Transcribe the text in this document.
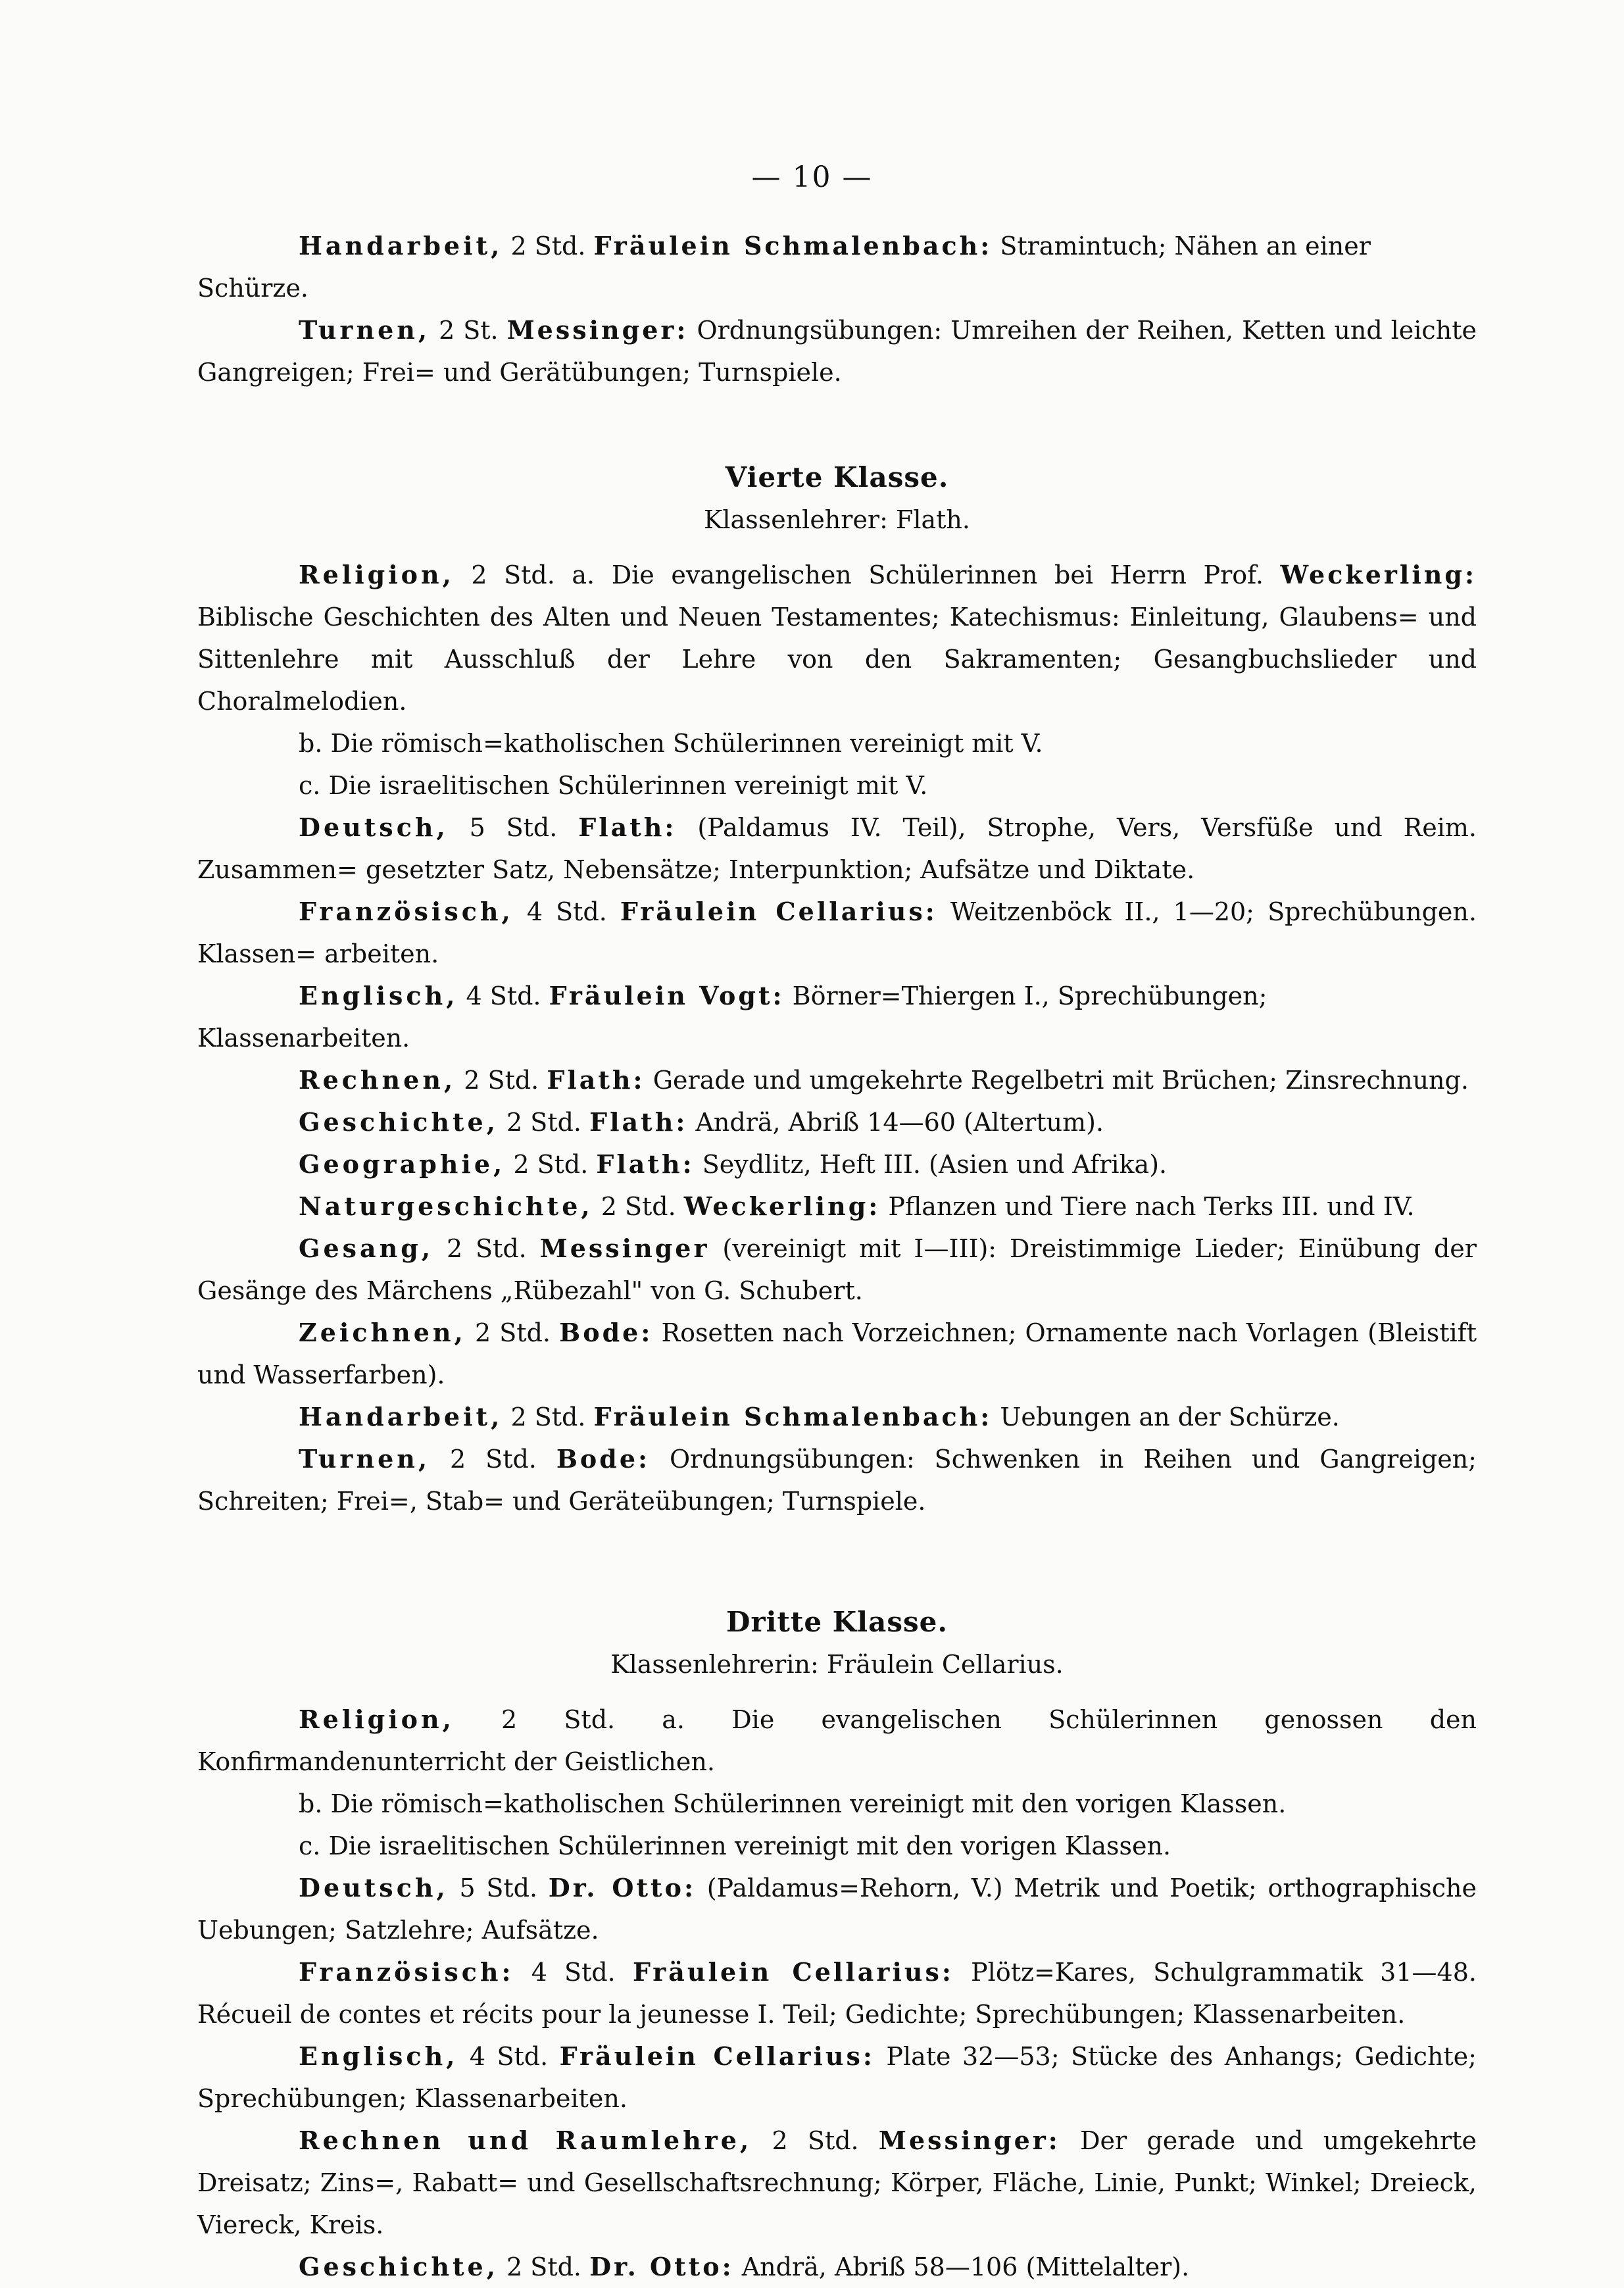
— 10 —

Handarbeit, 2 Std. Fräulein Schmalenbach: Stramintuch; Nähen an einer Schürze.

Turnen, 2 St. Messinger: Ordnungsübungen: Umreihen der Reihen, Ketten und leichte Gangreigen; Frei= und Gerätübungen; Turnspiele.

Vierte Klasse.

Klassenlehrer: Flath.

Religion, 2 Std. a. Die evangelischen Schülerinnen bei Herrn Prof. Weckerling: Biblische Geschichten des Alten und Neuen Testamentes; Katechismus: Einleitung, Glaubens= und Sittenlehre mit Ausschluß der Lehre von den Sakramenten; Gesangbuchslieder und Choralmelodien.

b. Die römisch=katholischen Schülerinnen vereinigt mit V.

c. Die israelitischen Schülerinnen vereinigt mit V.

Deutsch, 5 Std. Flath: (Paldamus IV. Teil), Strophe, Vers, Versfüße und Reim. Zusammen= gesetzter Satz, Nebensätze; Interpunktion; Aufsätze und Diktate.

Französisch, 4 Std. Fräulein Cellarius: Weitzenböck II., 1—20; Sprechübungen. Klassen= arbeiten.

Englisch, 4 Std. Fräulein Vogt: Börner=Thiergen I., Sprechübungen; Klassenarbeiten.

Rechnen, 2 Std. Flath: Gerade und umgekehrte Regelbetri mit Brüchen; Zinsrechnung.

Geschichte, 2 Std. Flath: Andrä, Abriß 14—60 (Altertum).

Geographie, 2 Std. Flath: Seydlitz, Heft III. (Asien und Afrika).

Naturgeschichte, 2 Std. Weckerling: Pflanzen und Tiere nach Terks III. und IV.

Gesang, 2 Std. Messinger (vereinigt mit I—III): Dreistimmige Lieder; Einübung der Gesänge des Märchens „Rübezahl" von G. Schubert.

Zeichnen, 2 Std. Bode: Rosetten nach Vorzeichnen; Ornamente nach Vorlagen (Bleistift und Wasserfarben).

Handarbeit, 2 Std. Fräulein Schmalenbach: Uebungen an der Schürze.

Turnen, 2 Std. Bode: Ordnungsübungen: Schwenken in Reihen und Gangreigen; Schreiten; Frei=, Stab= und Geräteübungen; Turnspiele.

Dritte Klasse.

Klassenlehrerin: Fräulein Cellarius.

Religion, 2 Std. a. Die evangelischen Schülerinnen genossen den Konfirmandenunterricht der Geistlichen.

b. Die römisch=katholischen Schülerinnen vereinigt mit den vorigen Klassen.

c. Die israelitischen Schülerinnen vereinigt mit den vorigen Klassen.

Deutsch, 5 Std. Dr. Otto: (Paldamus=Rehorn, V.) Metrik und Poetik; orthographische Uebungen; Satzlehre; Aufsätze.

Französisch: 4 Std. Fräulein Cellarius: Plötz=Kares, Schulgrammatik 31—48. Récueil de contes et récits pour la jeunesse I. Teil; Gedichte; Sprechübungen; Klassenarbeiten.

Englisch, 4 Std. Fräulein Cellarius: Plate 32—53; Stücke des Anhangs; Gedichte; Sprechübungen; Klassenarbeiten.

Rechnen und Raumlehre, 2 Std. Messinger: Der gerade und umgekehrte Dreisatz; Zins=, Rabatt= und Gesellschaftsrechnung; Körper, Fläche, Linie, Punkt; Winkel; Dreieck, Viereck, Kreis.

Geschichte, 2 Std. Dr. Otto: Andrä, Abriß 58—106 (Mittelalter).
